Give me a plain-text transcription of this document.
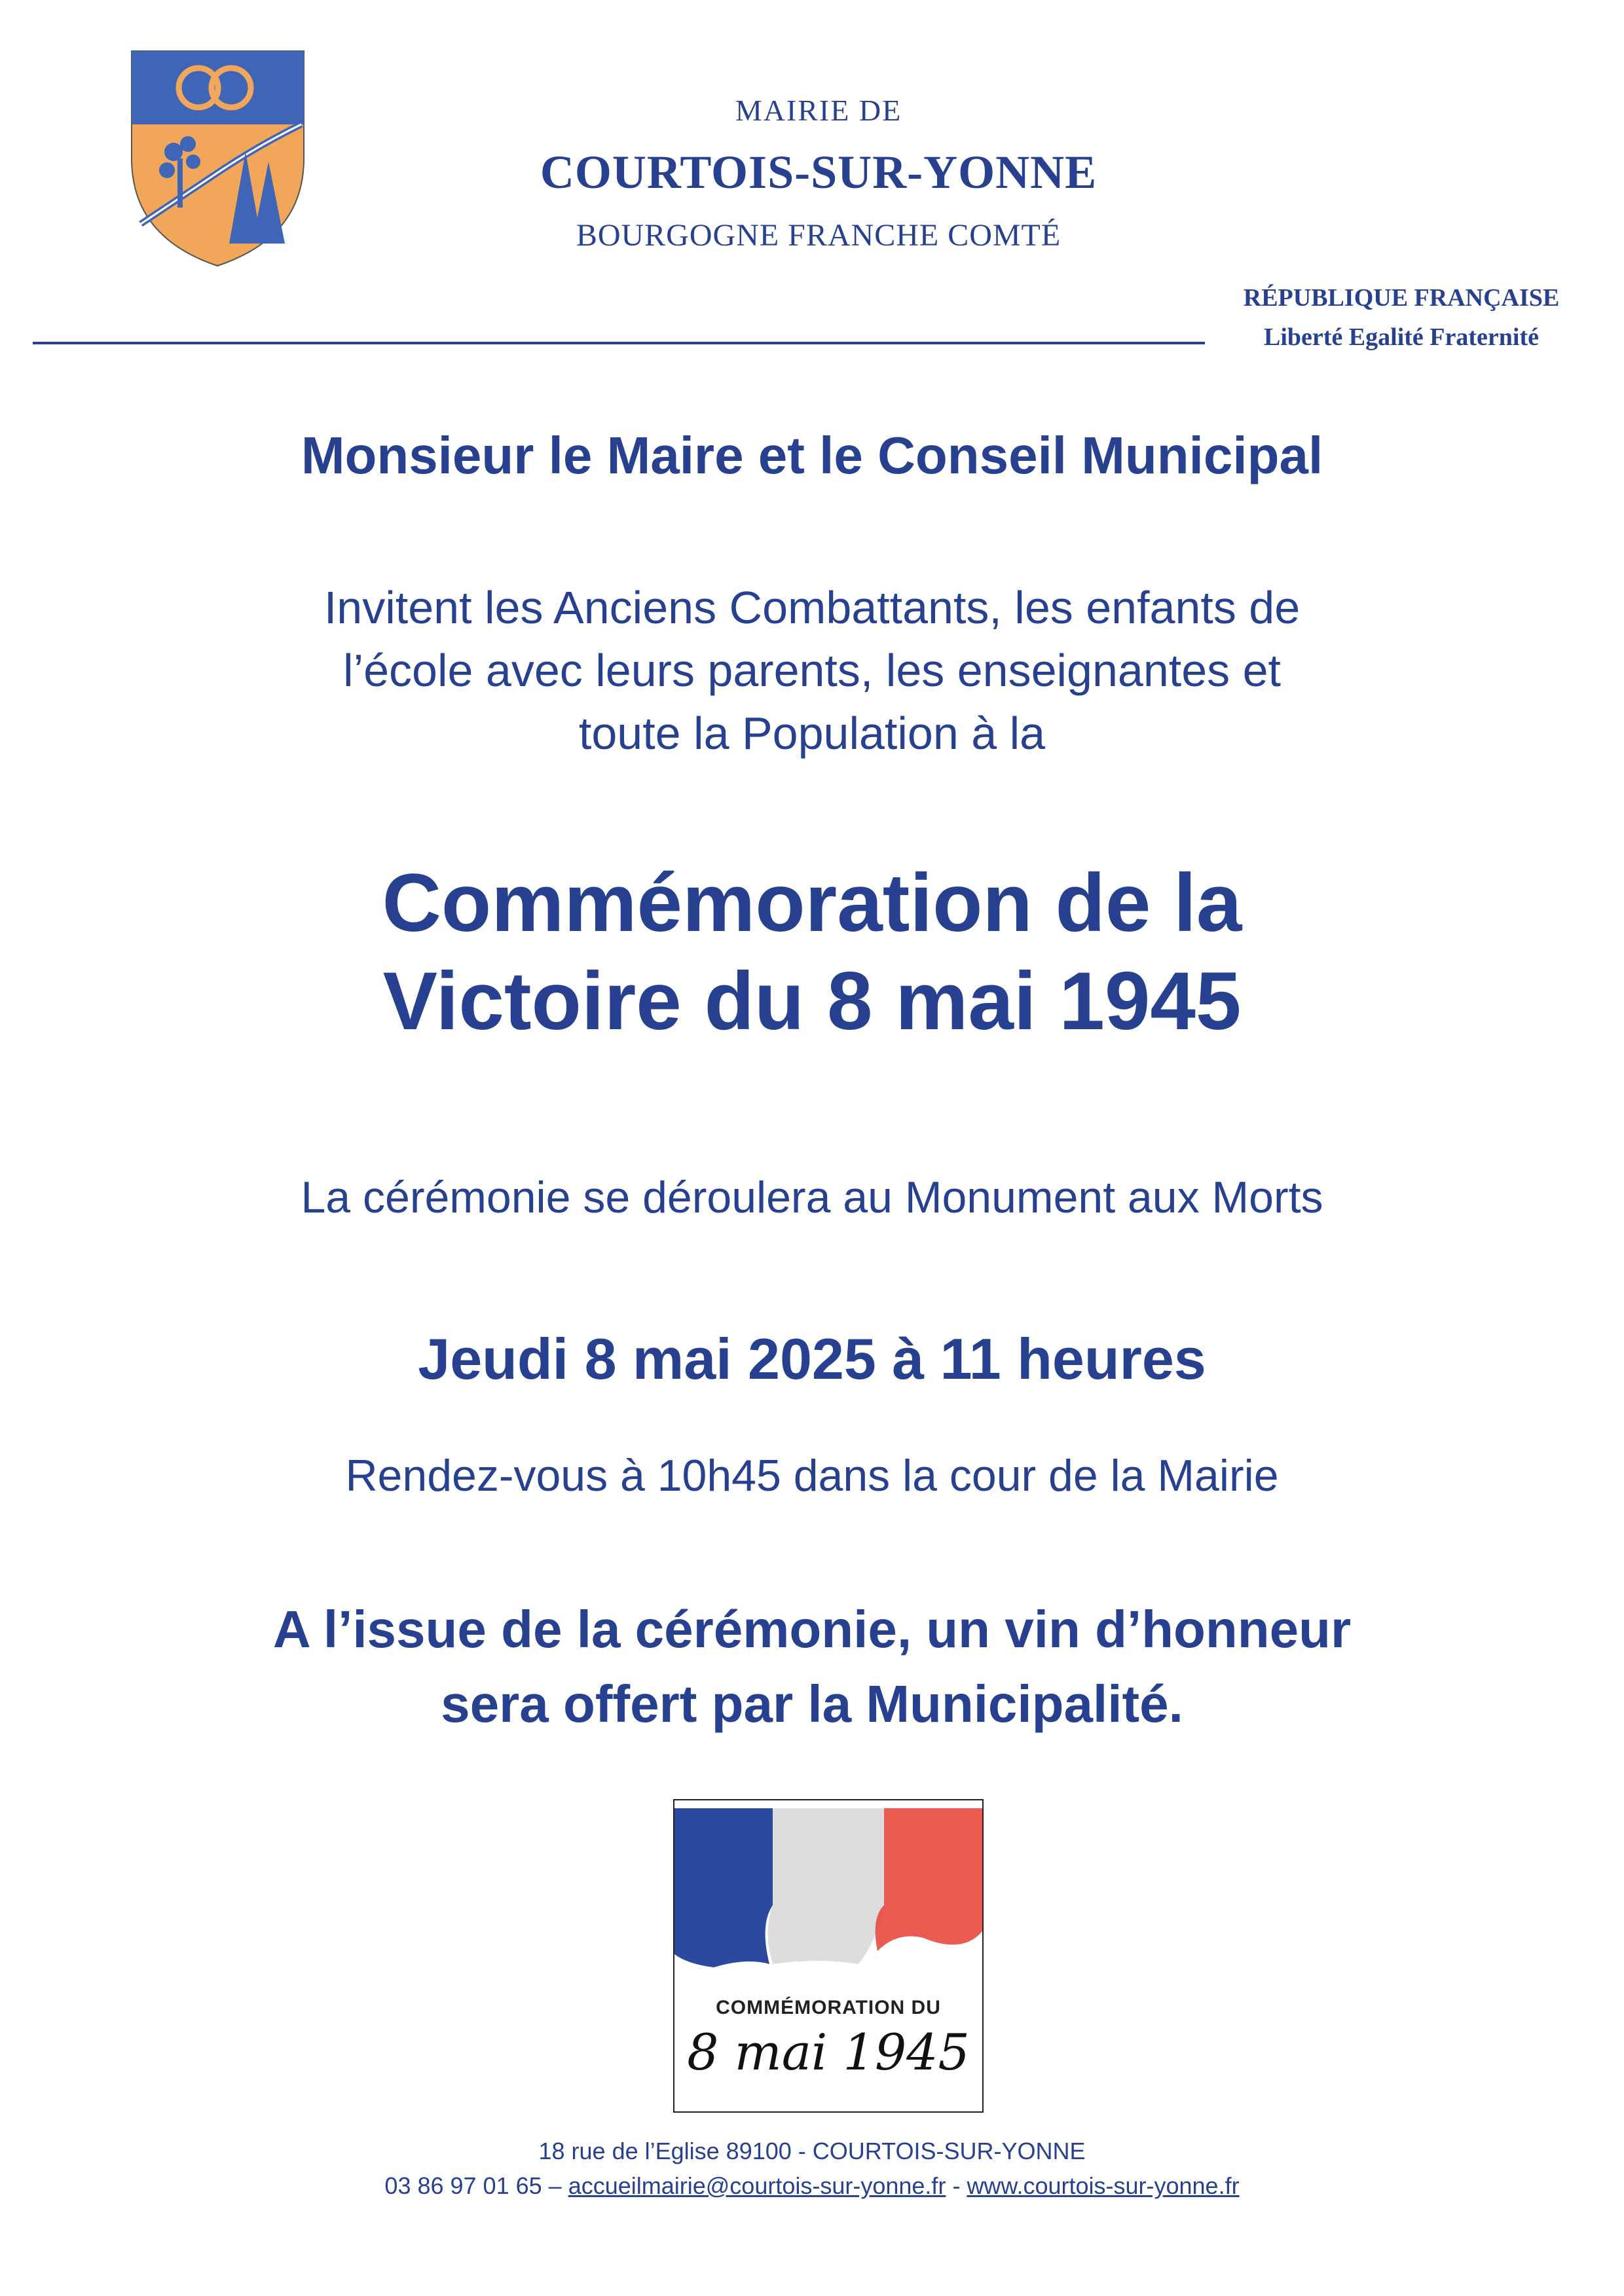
MAIRIE DE
COURTOIS-SUR-YONNE
BOURGOGNE FRANCHE COMTÉ
RÉPUBLIQUE FRANÇAISE
Liberté Egalité Fraternité
Monsieur le Maire et le Conseil Municipal
Invitent les Anciens Combattants, les enfants de
l’école avec leurs parents, les enseignantes et
toute la Population à la
Commémoration de la
Victoire du 8 mai 1945
La cérémonie se déroulera au Monument aux Morts
Jeudi 8 mai 2025 à 11 heures
Rendez-vous à 10h45 dans la cour de la Mairie
A l’issue de la cérémonie, un vin d’honneur
sera offert par la Municipalité.
COMMÉMORATION DU
8 mai 1945
18 rue de l’Eglise 89100 - COURTOIS-SUR-YONNE
03 86 97 01 65 – accueilmairie@courtois-sur-yonne.fr - www.courtois-sur-yonne.fr
